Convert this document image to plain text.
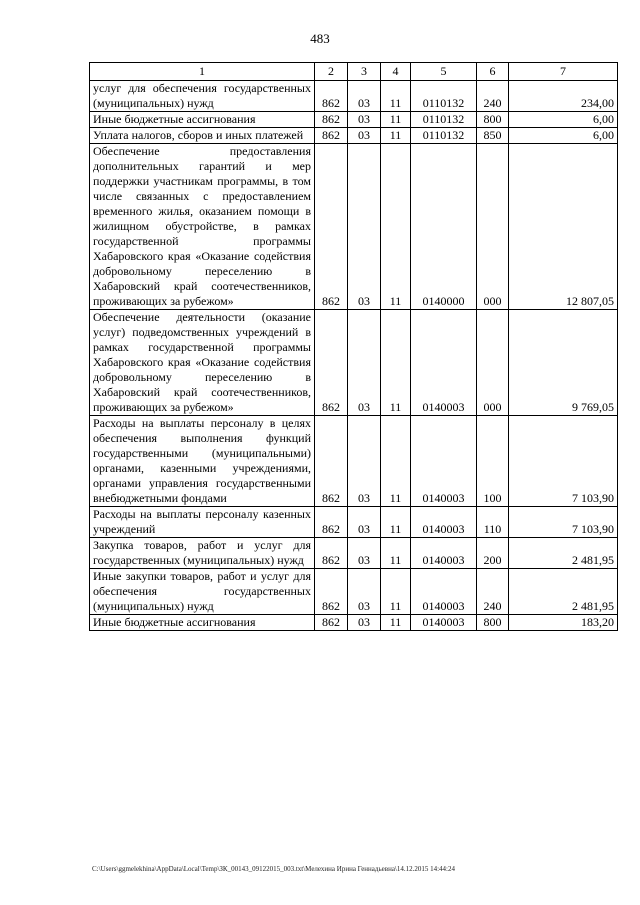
483
1	2	3	4	5	6	7
услуг для обеспечения государственных (муниципальных) нужд	862	03	11	0110132	240	234,00
Иные бюджетные ассигнования	862	03	11	0110132	800	6,00
Уплата налогов, сборов и иных платежей	862	03	11	0110132	850	6,00
Обеспечение предоставления дополнительных гарантий и мер поддержки участникам программы, в том числе связанных с предоставлением временного жилья, оказанием помощи в жилищном обустройстве, в рамках государственной программы Хабаровского края «Оказание содействия добровольному переселению в Хабаровский край соотечественников, проживающих за рубежом»	862	03	11	0140000	000	12 807,05
Обеспечение деятельности (оказание услуг) подведомственных учреждений в рамках государственной программы Хабаровского края «Оказание содействия добровольному переселению в Хабаровский край соотечественников, проживающих за рубежом»	862	03	11	0140003	000	9 769,05
Расходы на выплаты персоналу в целях обеспечения выполнения функций государственными (муниципальными) органами, казенными учреждениями, органами управления государственными внебюджетными фондами	862	03	11	0140003	100	7 103,90
Расходы на выплаты персоналу казенных учреждений	862	03	11	0140003	110	7 103,90
Закупка товаров, работ и услуг для государственных (муниципальных) нужд	862	03	11	0140003	200	2 481,95
Иные закупки товаров, работ и услуг для обеспечения государственных (муниципальных) нужд	862	03	11	0140003	240	2 481,95
Иные бюджетные ассигнования	862	03	11	0140003	800	183,20
C:\Users\ggmelekhina\AppData\Local\Temp\ЗК_00143_09122015_003.txt\Мелехина Ирина Геннадьевна\14.12.2015 14:44:24
